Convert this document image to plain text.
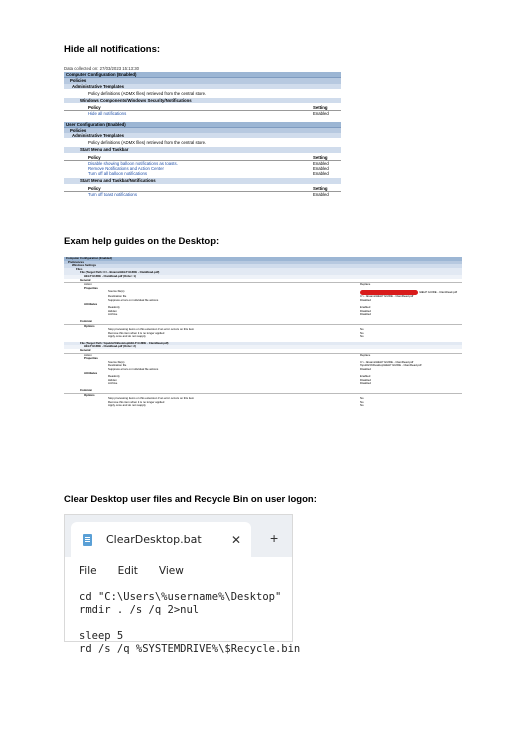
Hide all notifications:
Data collected on: 27/03/2023 15:13:30
Computer Configuration (Enabled)
Policies
Administrative Templates
Policy definitions (ADMX files) retrieved from the central store.
Windows Components/Windows Security/Notifications
Policy	Setting
Hide all notifications	Enabled
User Configuration (Enabled)
Policies
Administrative Templates
Policy definitions (ADMX files) retrieved from the central store.
Start Menu and Taskbar
Policy	Setting
Disable showing balloon notifications as toasts.	Enabled
Remove Notifications and Action Center	Enabled
Turn off all balloon notifications	Enabled
Start Menu and Taskbar/Notifications
Policy	Setting
Turn off toast notifications	Enabled
Exam help guides on the Desktop:
Computer Configuration (Enabled)
Preferences
Windows Settings
Files
File (Target Path: C:\...\Exams\HELP GUIDE - ClamRead.pdf)
HELP GUIDE - ClamRead.pdf (Order: 1)
General
Action	Replace
Properties
Source file(s)	\HELP GUIDE - ClamRead.pdf
Destination file	C:\...\Exams\HELP GUIDE - ClamRead.pdf
Suppress errors on individual file actions	Disabled
Attributes
Readonly	Enabled
Hidden	Disabled
Archive	Disabled
Common
Options
Stop processing items on this extension if an error occurs on this item	No
Remove this item when it is no longer applied	No
Apply once and do not reapply	No
File (Target Path: %public%\Desktop\HELP GUIDE - ClamRead.pdf)
HELP GUIDE - ClamRead.pdf (Order: 2)
General
Action	Replace
Properties
Source file(s)	C:\...\Exams\HELP GUIDE - ClamRead.pdf
Destination file	%public%\Desktop\HELP GUIDE - ClamRead.pdf
Suppress errors on individual file actions	Disabled
Attributes
Readonly	Enabled
Hidden	Disabled
Archive	Disabled
Common
Options
Stop processing items on this extension if an error occurs on this item	No
Remove this item when it is no longer applied	No
Apply once and do not reapply	No
Clear Desktop user files and Recycle Bin on user logon:
ClearDesktop.bat ✕ +
File Edit View
cd "C:\Users\%username%\Desktop"
rmdir . /s /q 2>nul

sleep 5
rd /s /q %SYSTEMDRIVE%\$Recycle.bin
